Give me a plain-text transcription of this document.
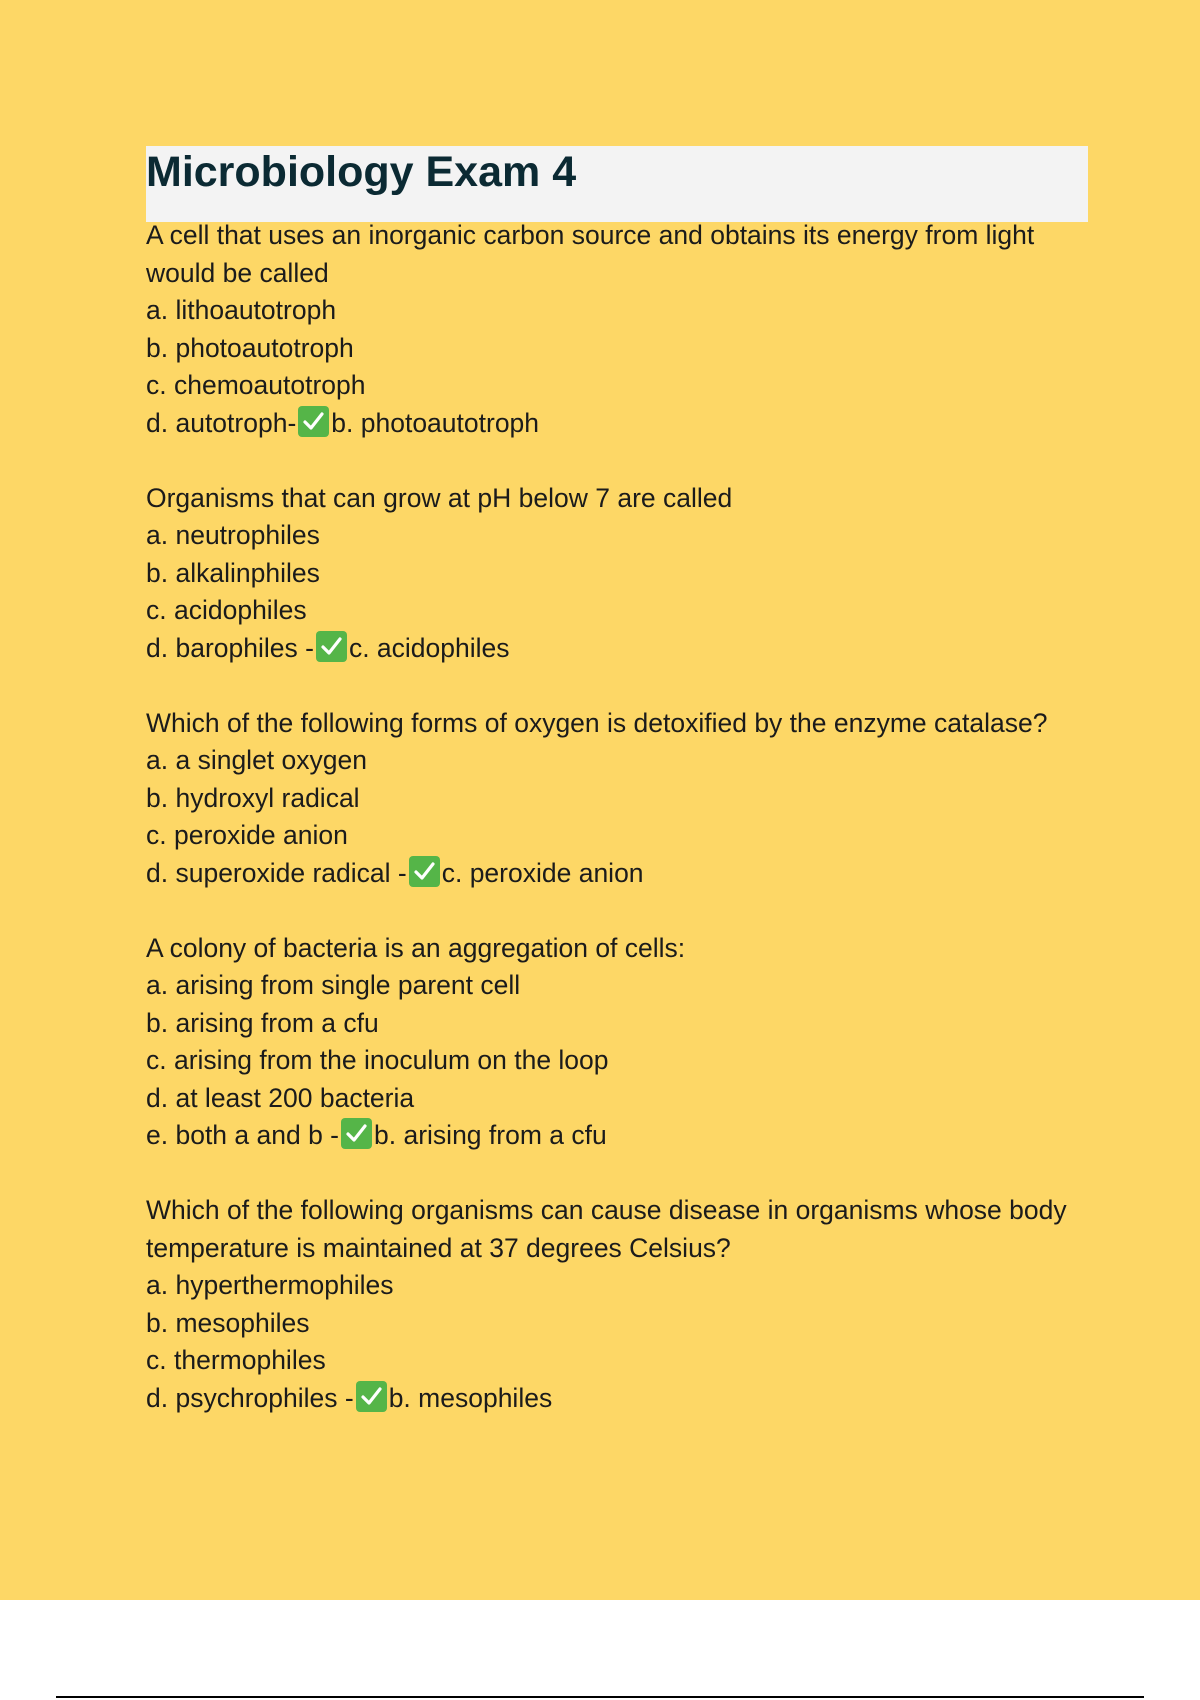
Microbiology Exam 4
A cell that uses an inorganic carbon source and obtains its energy from light would be called
a. lithoautotroph
b. photoautotroph
c. chemoautotroph
d. autotroph- b. photoautotroph
Organisms that can grow at pH below 7 are called
a. neutrophiles
b. alkalinphiles
c. acidophiles
d. barophiles - c. acidophiles
Which of the following forms of oxygen is detoxified by the enzyme catalase?
a. a singlet oxygen
b. hydroxyl radical
c. peroxide anion
d. superoxide radical - c. peroxide anion
A colony of bacteria is an aggregation of cells:
a. arising from single parent cell
b. arising from a cfu
c. arising from the inoculum on the loop
d. at least 200 bacteria
e. both a and b - b. arising from a cfu
Which of the following organisms can cause disease in organisms whose body temperature is maintained at 37 degrees Celsius?
a. hyperthermophiles
b. mesophiles
c. thermophiles
d. psychrophiles - b. mesophiles
